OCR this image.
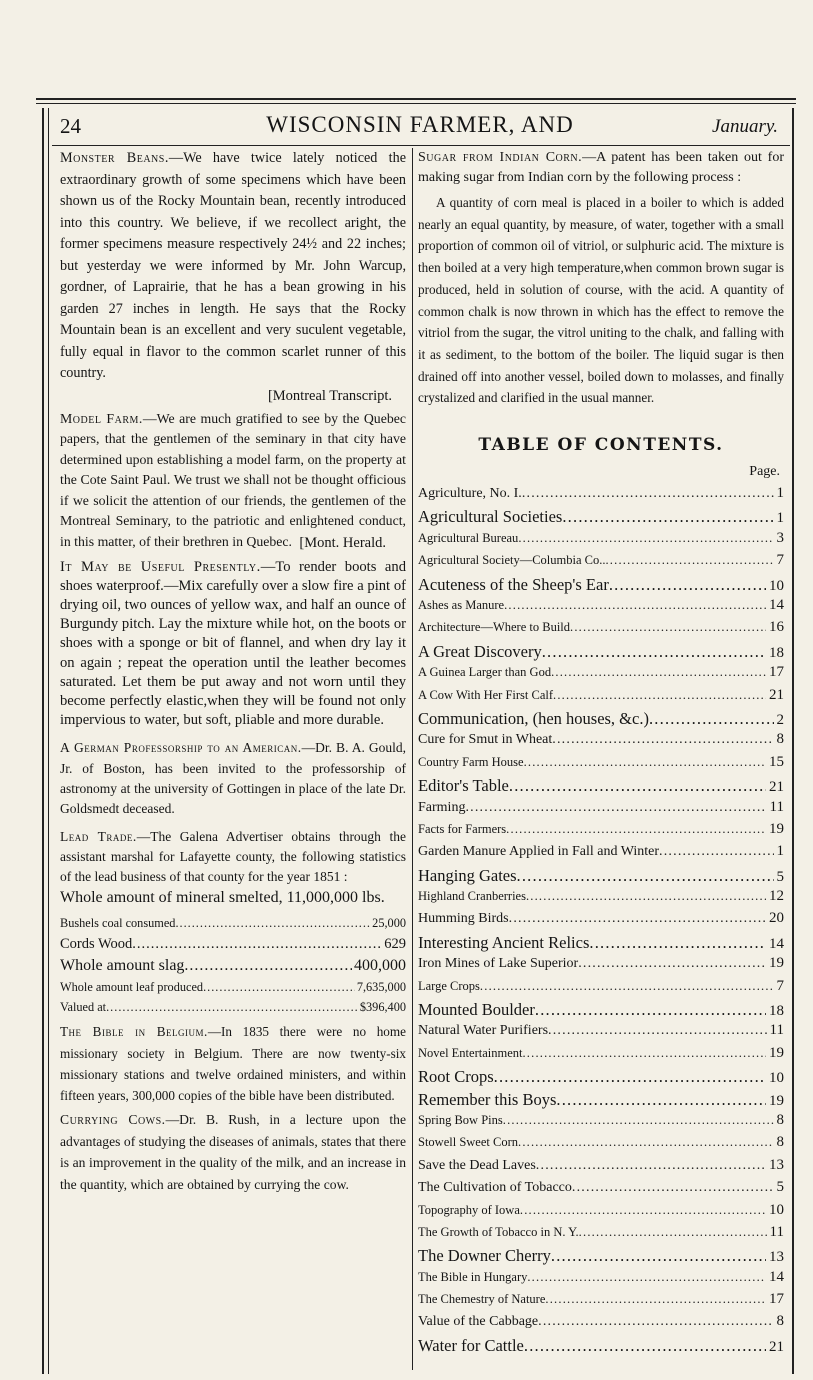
24	WISCONSIN FARMER, AND	January.

Monster Beans.—We have twice lately noticed the extraordinary growth of some specimens which have been shown us of the Rocky Mountain bean, recently introduced into this country. We believe, if we recollect aright, the former specimens measure respectively 24½ and 22 inches; but yesterday we were informed by Mr. John Warcup, gordner, of Laprairie, that he has a bean growing in his garden 27 inches in length. He says that the Rocky Mountain bean is an excellent and very suculent vegetable, fully equal in flavor to the common scarlet runner of this country.

[Montreal Transcript.

Model Farm.—We are much gratified to see by the Quebec papers, that the gentlemen of the seminary in that city have determined upon establishing a model farm, on the property at the Cote Saint Paul. We trust we shall not be thought officious if we solicit the attention of our friends, the gentlemen of the Montreal Seminary, to the patriotic and enlightened conduct, in this matter, of their brethren in Quebec. [Mont. Herald.

It May be Useful Presently.—To render boots and shoes waterproof.—Mix carefully over a slow fire a pint of drying oil, two ounces of yellow wax, and half an ounce of Burgundy pitch. Lay the mixture while hot, on the boots or shoes with a sponge or bit of flannel, and when dry lay it on again ; repeat the operation until the leather becomes saturated. Let them be put away and not worn until they become perfectly elastic,when they will be found not only impervious to water, but soft, pliable and more durable.

A German Professorship to an American.—Dr. B. A. Gould, Jr. of Boston, has been invited to the professorship of astronomy at the university of Gottingen in place of the late Dr. Goldsmedt deceased.

Lead Trade.—The Galena Advertiser obtains through the assistant marshal for Lafayette county, the following statistics of the lead business of that county for the year 1851 :

Whole amount of mineral smelted, 11,000,000 lbs.
Bushels coal consumed .....	25,000
Cords Wood .....	629
Whole amount slag .....	400,000
Whole amount leaf produced .....	7,635,000
Valued at .....	$396,400

The Bible in Belgium.—In 1835 there were no home missionary society in Belgium. There are now twenty-six missionary stations and twelve ordained ministers, and within fifteen years, 300,000 copies of the bible have been distributed.

Currying Cows.—Dr. B. Rush, in a lecture upon the advantages of studying the diseases of animals, states that there is an improvement in the quality of the milk, and an increase in the quantity, which are obtained by currying the cow.

Sugar from Indian Corn.—A patent has been taken out for making sugar from Indian corn by the following process :

A quantity of corn meal is placed in a boiler to which is added nearly an equal quantity, by measure, of water, together with a small proportion of common oil of vitriol, or sulphuric acid. The mixture is then boiled at a very high temperature,when common brown sugar is produced, held in solution of course, with the acid. A quantity of common chalk is now thrown in which has the effect to remove the vitriol from the sugar, the vitrol uniting to the chalk, and falling with it as sediment, to the bottom of the boiler. The liquid sugar is then drained off into another vessel, boiled down to molasses, and finally crystalized and clarified in the usual manner.

TABLE OF CONTENTS.

Page.

Agriculture, No. I. .....	1
Agricultural Societies .....	1
Agricultural Bureau .....	3
Agricultural Society—Columbia Co.. .....	7
Acuteness of the Sheep's Ear .....	10
Ashes as Manure .....	14
Architecture—Where to Build .....	16
A Great Discovery .....	18
A Guinea Larger than God .....	17
A Cow With Her First Calf .....	21
Communication, (hen houses, &c.) .....	2
Cure for Smut in Wheat .....	8
Country Farm House .....	15
Editor's Table .....	21
Farming .....	11
Facts for Farmers .....	19
Garden Manure Applied in Fall and Winter .....	1
Hanging Gates .....	5
Highland Cranberries .....	12
Humming Birds .....	20
Interesting Ancient Relics .....	14
Iron Mines of Lake Superior .....	19
Large Crops .....	7
Mounted Boulder .....	18
Natural Water Purifiers .....	11
Novel Entertainment .....	19
Root Crops .....	10
Remember this Boys .....	19
Spring Bow Pins .....	8
Stowell Sweet Corn .....	8
Save the Dead Laves .....	13
The Cultivation of Tobacco .....	5
Topography of Iowa .....	10
The Growth of Tobacco in N. Y. .....	11
The Downer Cherry .....	13
The Bible in Hungary .....	14
The Chemestry of Nature .....	17
Value of the Cabbage .....	8
Water for Cattle .....	21
